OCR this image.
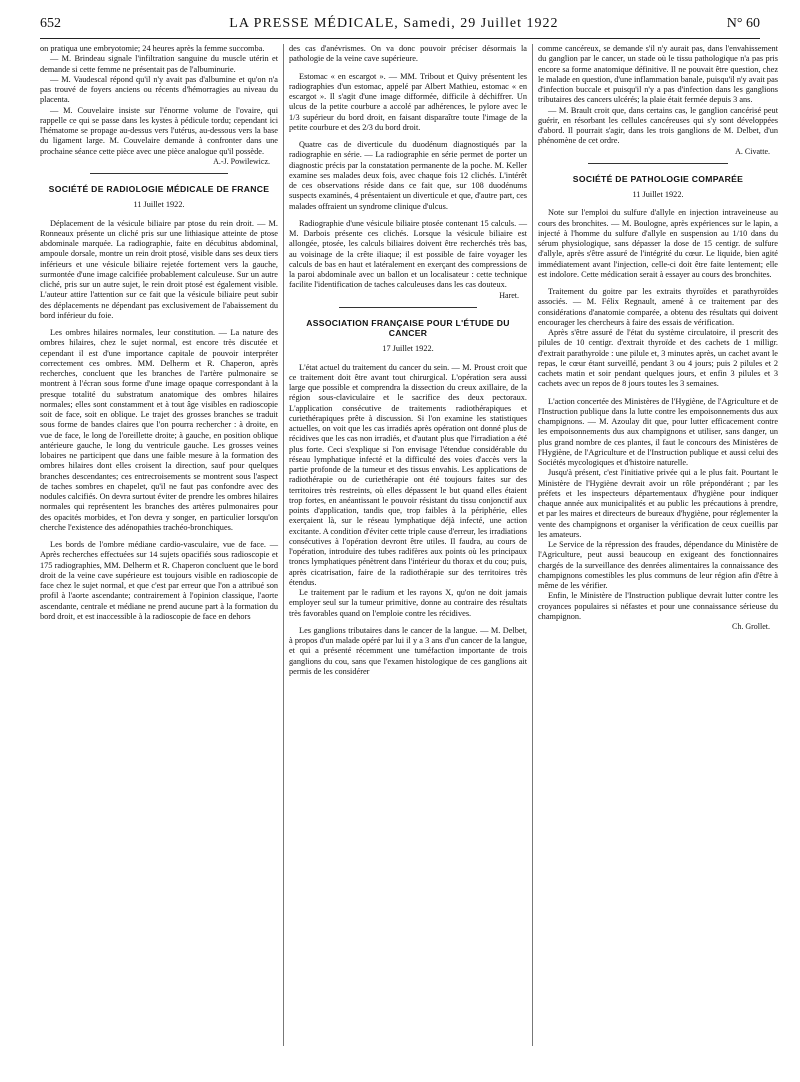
652	LA PRESSE MÉDICALE, Samedi, 29 Juillet 1922	N° 60

on pratiqua une embryotomie; 24 heures après la femme succomba.

— M. Brindeau signale l'infiltration sanguine du muscle utérin et demande si cette femme ne présentait pas de l'albuminurie.

— M. Vaudescal répond qu'il n'y avait pas d'albumine et qu'on n'a pas trouvé de foyers anciens ou récents d'hémorragies au niveau du placenta.

— M. Couvelaire insiste sur l'énorme volume de l'ovaire, qui rappelle ce qui se passe dans les kystes à pédicule tordu; cependant ici l'hématome se propage au-dessus vers l'utérus, au-dessous vers la base du ligament large. M. Couvelaire demande à confronter dans une prochaine séance cette pièce avec une pièce analogue qu'il possède.

A.-J. Powilewicz.

SOCIÉTÉ DE RADIOLOGIE MÉDICALE DE FRANCE

11 Juillet 1922.

Déplacement de la vésicule biliaire par ptose du rein droit. — M. Ronneaux présente un cliché pris sur une lithiasique atteinte de ptose abdominale marquée. La radiographie, faite en décubitus abdominal, ampoule dorsale, montre un rein droit ptosé, visible dans ses deux tiers inférieurs et une vésicule biliaire rejetée fortement vers la gauche, surmontée d'une image calcifiée probablement calculeuse. Sur un autre cliché, pris sur un autre sujet, le rein droit ptosé est également visible. L'auteur attire l'attention sur ce fait que la vésicule biliaire peut subir des déplacements ne dépendant pas exclusivement de l'abaissement du bord inférieur du foie.

Les ombres hilaires normales, leur constitution. — La nature des ombres hilaires, chez le sujet normal, est encore très discutée et cependant il est d'une importance capitale de pouvoir interpréter correctement ces ombres. MM. Delherm et R. Chaperon, après recherches, concluent que les branches de l'artère pulmonaire se montrent à l'écran sous forme d'une image opaque correspondant à la presque totalité du substratum anatomique des ombres hilaires normales; elles sont constamment et à tout âge visibles en radioscopie soit de face, soit en oblique. Le trajet des grosses branches se traduit sous forme de bandes claires que l'on pourra rechercher : à droite, en vue de face, le long de l'oreillette droite; à gauche, en position oblique antérieure gauche, le long du ventricule gauche. Les grosses veines lobaires ne participent que dans une faible mesure à la formation des ombres hilaires dont elles croisent la direction, sauf pour quelques branches descendantes; ces entrecroisements se montrent sous l'aspect de taches sombres en chapelet, qu'il ne faut pas confondre avec des nodules calcifiés. On devra surtout éviter de prendre les ombres hilaires normales qui représentent les branches des artères pulmonaires pour des opacités morbides, et l'on devra y songer, en particulier lorsqu'on cherche l'existence des adénopathies trachéo-bronchiques.

Les bords de l'ombre médiane cardio-vasculaire, vue de face. — Après recherches effectuées sur 14 sujets opacifiés sous radioscopie et 175 radiographies, MM. Delherm et R. Chaperon concluent que le bord droit de la veine cave supérieure est toujours visible en radioscopie de face chez le sujet normal, et que c'est par erreur que l'on a attribué son profil à l'aorte ascendante; contrairement à l'opinion classique, l'aorte ascendante, centrale et médiane ne prend aucune part à la formation du bord droit, et est inaccessible à la radioscopie de face en dehors

des cas d'anévrismes. On va donc pouvoir préciser désormais la pathologie de la veine cave supérieure.

Estomac « en escargot ». — MM. Tribout et Quivy présentent les radiographies d'un estomac, appelé par Albert Mathieu, estomac « en escargot ». Il s'agit d'une image difformée, difficile à déchiffrer. Un ulcus de la petite courbure a accolé par adhérences, le pylore avec le 1/3 supérieur du bord droit, en faisant disparaître toute l'image de la petite courbure et des 2/3 du bord droit.

Quatre cas de diverticule du duodénum diagnostiqués par la radiographie en série. — La radiographie en série permet de porter un diagnostic précis par la constatation permanente de la poche. M. Keller examine ses malades deux fois, avec chaque fois 12 clichés. L'intérêt de ces observations réside dans ce fait que, sur 108 duodénums suspects examinés, 4 présentaient un diverticule et que, d'autre part, ces malades offraient un syndrome clinique d'ulcus.

Radiographie d'une vésicule biliaire ptosée contenant 15 calculs. — M. Darbois présente ces clichés. Lorsque la vésicule biliaire est allongée, ptosée, les calculs biliaires doivent être recherchés très bas, au voisinage de la crête iliaque; il est possible de faire voyager les calculs de bas en haut et latéralement en exerçant des compressions de la paroi abdominale avec un ballon et un localisateur : cette technique facilite l'identification de taches calculeuses dans les cas douteux.

Haret.

ASSOCIATION FRANÇAISE POUR L'ÉTUDE DU CANCER

17 Juillet 1922.

L'état actuel du traitement du cancer du sein. — M. Proust croit que ce traitement doit être avant tout chirurgical. L'opération sera aussi large que possible et comprendra la dissection du creux axillaire, de la région sous-claviculaire et le sacrifice des deux pectoraux. L'application consécutive de traitements radiothérapiques et curiethérapiques prête à discussion. Si l'on examine les statistiques actuelles, on voit que les cas irradiés après opération ont donné plus de récidives que les cas non irradiés, et d'autant plus que l'irradiation a été plus forte. Ceci s'explique si l'on envisage l'étendue considérable du réseau lymphatique infecté et la difficulté des voies d'accès vers la partie profonde de la tumeur et des tissus envahis. Les applications de radiothérapie ou de curiethérapie ont été toujours faites sur des territoires très restreints, où elles dépassent le but quand elles étaient trop fortes, en anéantissant le pouvoir résistant du tissu conjonctif aux points d'application, tandis que, trop faibles à la périphérie, elles exerçaient là, sur le réseau lymphatique déjà infecté, une action excitante. A condition d'éviter cette triple cause d'erreur, les irradiations consécutives à l'opération devront être utiles. Il faudra, au cours de l'opération, introduire des tubes radifères aux points où les principaux troncs lymphatiques pénètrent dans l'intérieur du thorax et du cou; puis, après cicatrisation, faire de la radiothérapie sur des territoires très étendus.

Le traitement par le radium et les rayons X, qu'on ne doit jamais employer seul sur la tumeur primitive, donne au contraire des résultats très favorables quand on l'emploie contre les récidives.

Les ganglions tributaires dans le cancer de la langue. — M. Delbet, à propos d'un malade opéré par lui il y a 3 ans d'un cancer de la langue, et qui a présenté récemment une tuméfaction importante de trois ganglions du cou, sans que l'examen histologique de ces ganglions ait permis de les considérer

comme cancéreux, se demande s'il n'y aurait pas, dans l'envahissement du ganglion par le cancer, un stade où le tissu pathologique n'a pas pris encore sa forme anatomique définitive. Il ne pouvait être question, chez le malade en question, d'une inflammation banale, puisqu'il n'y avait pas d'infection buccale et puisqu'il n'y a pas d'infection dans les ganglions tributaires des cancers ulcérés; la plaie était fermée depuis 3 ans.

— M. Brault croit que, dans certains cas, le ganglion cancérisé peut guérir, en résorbant les cellules cancéreuses qui s'y sont développées d'abord. Il pourrait s'agir, dans les trois ganglions de M. Delbet, d'un phénomène de cet ordre.

A. Civatte.

SOCIÉTÉ DE PATHOLOGIE COMPARÉE

11 Juillet 1922.

Note sur l'emploi du sulfure d'allyle en injection intraveineuse au cours des bronchites. — M. Boulogne, après expériences sur le lapin, a injecté à l'homme du sulfure d'allyle en suspension au 1/10 dans du sérum physiologique, sans dépasser la dose de 15 centigr. de sulfure d'allyle, après s'être assuré de l'intégrité du cœur. Le liquide, bien agité immédiatement avant l'injection, celle-ci doit être faite lentement; elle est indolore. Cette médication serait à essayer au cours des bronchites.

Traitement du goitre par les extraits thyroïdes et parathyroïdes associés. — M. Félix Regnault, amené à ce traitement par des considérations d'anatomie comparée, a obtenu des résultats qui doivent encourager les chercheurs à faire des essais de vérification.

Après s'être assuré de l'état du système circulatoire, il prescrit des pilules de 10 centigr. d'extrait thyroïde et des cachets de 1 milligr. d'extrait parathyroïde : une pilule et, 3 minutes après, un cachet avant le repas, le cœur étant surveillé, pendant 3 ou 4 jours; puis 2 pilules et 2 cachets matin et soir pendant quelques jours, et enfin 3 pilules et 3 cachets avec un repos de 8 jours toutes les 3 semaines.

L'action concertée des Ministères de l'Hygiène, de l'Agriculture et de l'Instruction publique dans la lutte contre les empoisonnements dus aux champignons. — M. Azoulay dit que, pour lutter efficacement contre les empoisonnements dus aux champignons et utiliser, sans danger, un plus grand nombre de ces plantes, il faut le concours des Ministères de l'Hygiène, de l'Agriculture et de l'Instruction publique et aussi celui des Sociétés mycologiques et d'histoire naturelle.

Jusqu'à présent, c'est l'initiative privée qui a le plus fait. Pourtant le Ministère de l'Hygiène devrait avoir un rôle prépondérant ; par les préfets et les inspecteurs départementaux d'hygiène pour indiquer chaque année aux municipalités et au public les précautions à prendre, et par les maires et directeurs de bureaux d'hygiène, pour réglementer la vente des champignons et organiser la vérification de ceux cueillis par les amateurs.

Le Service de la répression des fraudes, dépendance du Ministère de l'Agriculture, peut aussi beaucoup en exigeant des fonctionnaires chargés de la surveillance des denrées alimentaires la connaissance des champignons comestibles les plus communs de leur région afin d'être à même de les vérifier.

Enfin, le Ministère de l'Instruction publique devrait lutter contre les croyances populaires si néfastes et pour une connaissance sérieuse du champignon.

Ch. Grollet.
